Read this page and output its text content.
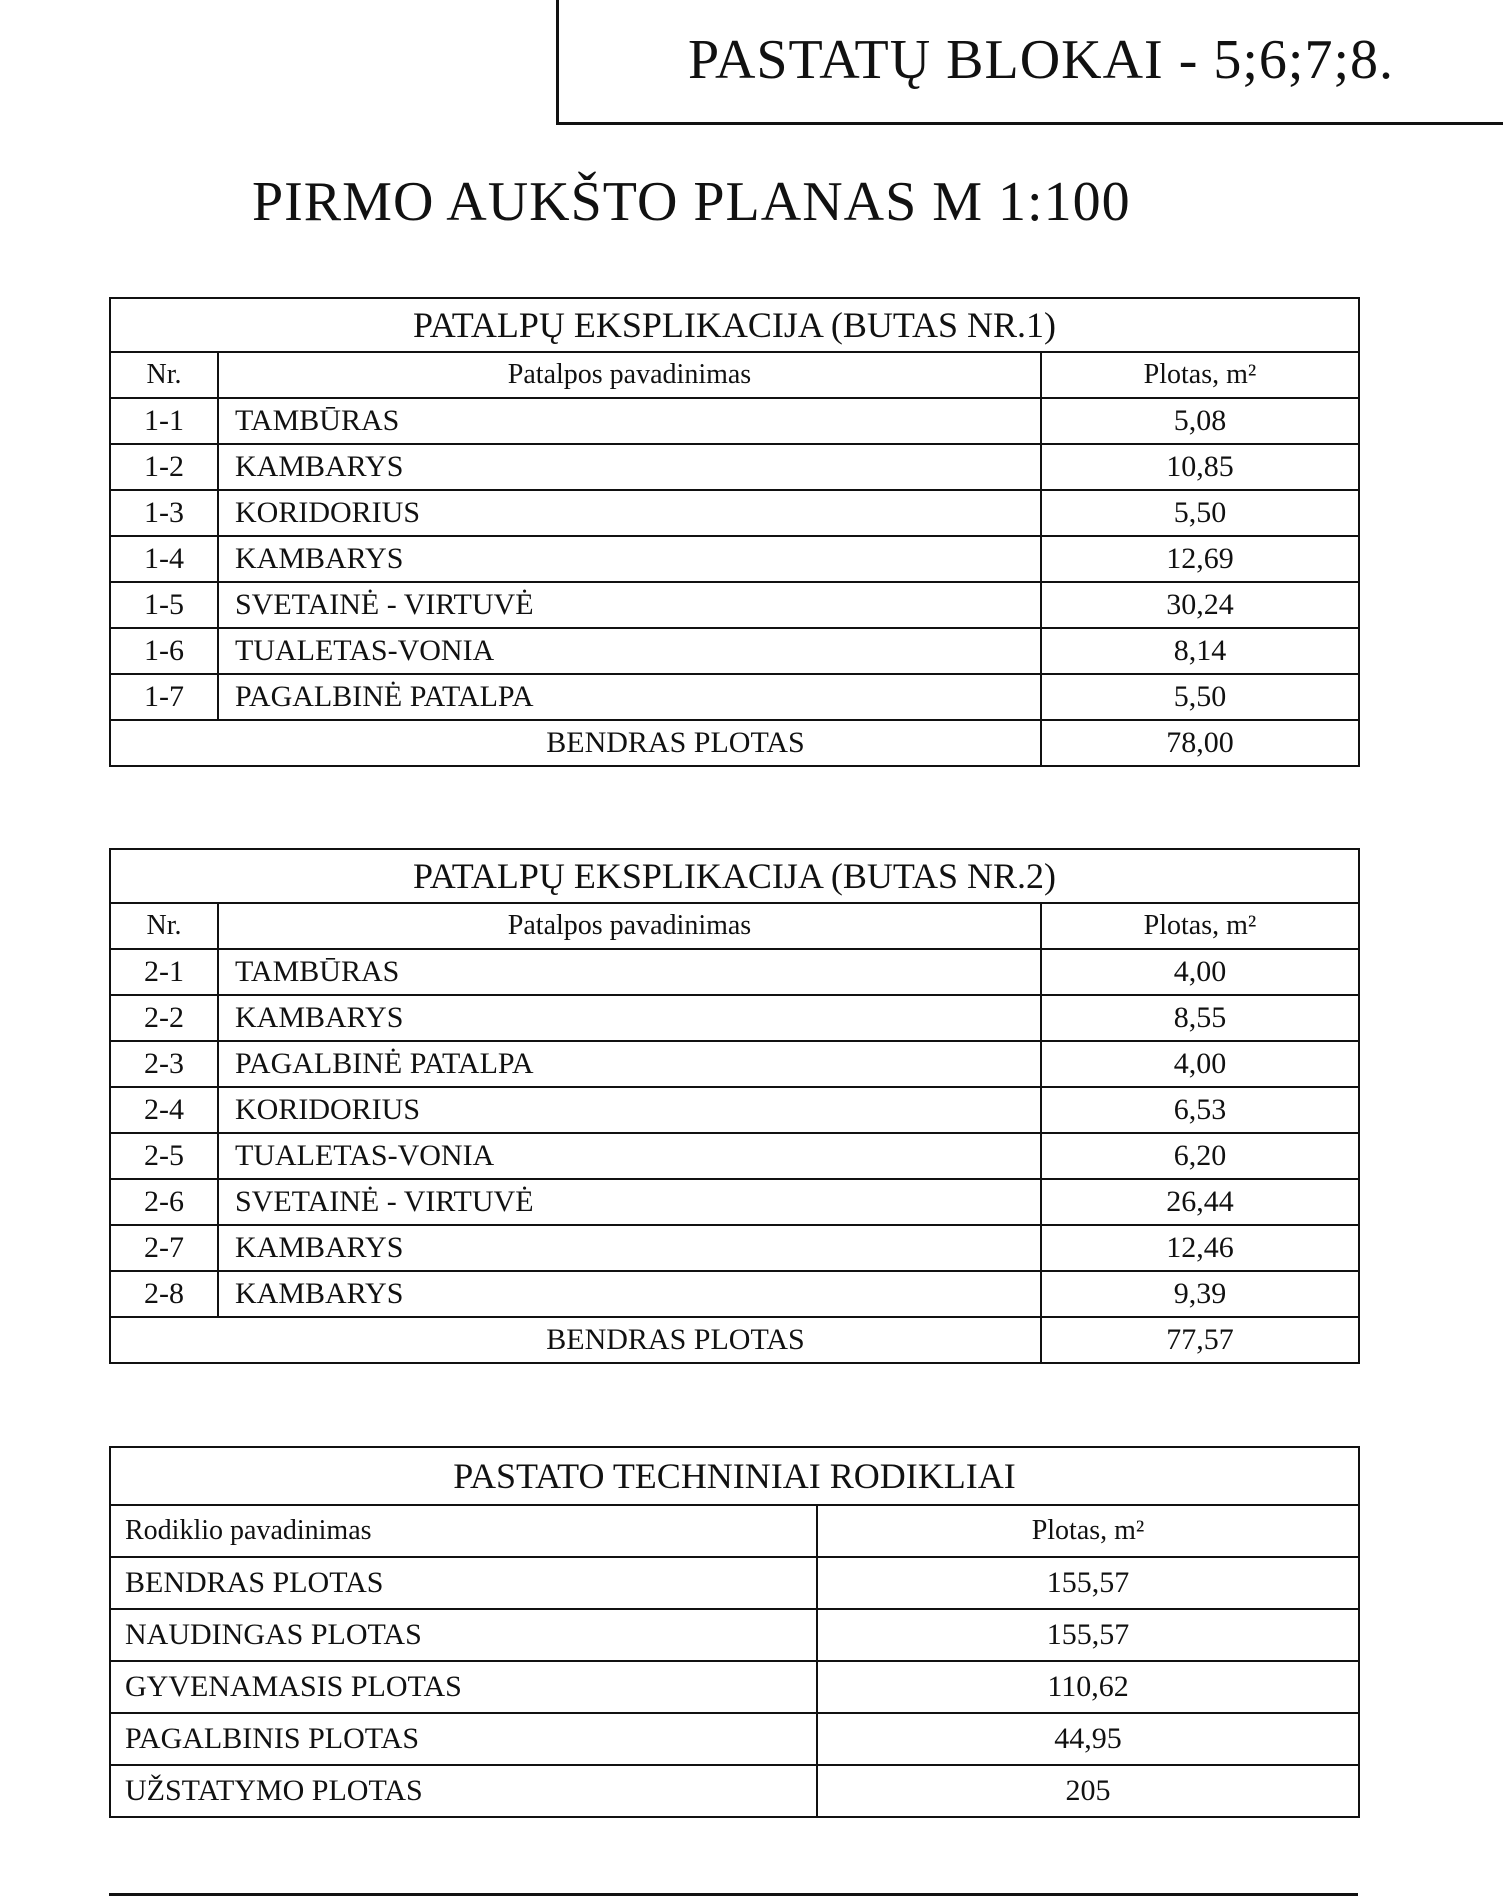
PASTATŲ BLOKAI - 5;6;7;8.
PIRMO AUKŠTO PLANAS M 1:100
PATALPŲ EKSPLIKACIJA (BUTAS NR.1)		
Nr.	Patalpos pavadinimas	Plotas, m²
1-1	TAMBŪRAS	5,08
1-2	KAMBARYS	10,85
1-3	KORIDORIUS	5,50
1-4	KAMBARYS	12,69
1-5	SVETAINĖ - VIRTUVĖ	30,24
1-6	TUALETAS-VONIA	8,14
1-7	PAGALBINĖ PATALPA	5,50
BENDRAS PLOTAS		78,00
PATALPŲ EKSPLIKACIJA (BUTAS NR.2)		
Nr.	Patalpos pavadinimas	Plotas, m²
2-1	TAMBŪRAS	4,00
2-2	KAMBARYS	8,55
2-3	PAGALBINĖ PATALPA	4,00
2-4	KORIDORIUS	6,53
2-5	TUALETAS-VONIA	6,20
2-6	SVETAINĖ - VIRTUVĖ	26,44
2-7	KAMBARYS	12,46
2-8	KAMBARYS	9,39
BENDRAS PLOTAS		77,57
PASTATO TECHNINIAI RODIKLIAI	
Rodiklio pavadinimas	Plotas, m²
BENDRAS PLOTAS	155,57
NAUDINGAS PLOTAS	155,57
GYVENAMASIS PLOTAS	110,62
PAGALBINIS PLOTAS	44,95
UŽSTATYMO PLOTAS	205
